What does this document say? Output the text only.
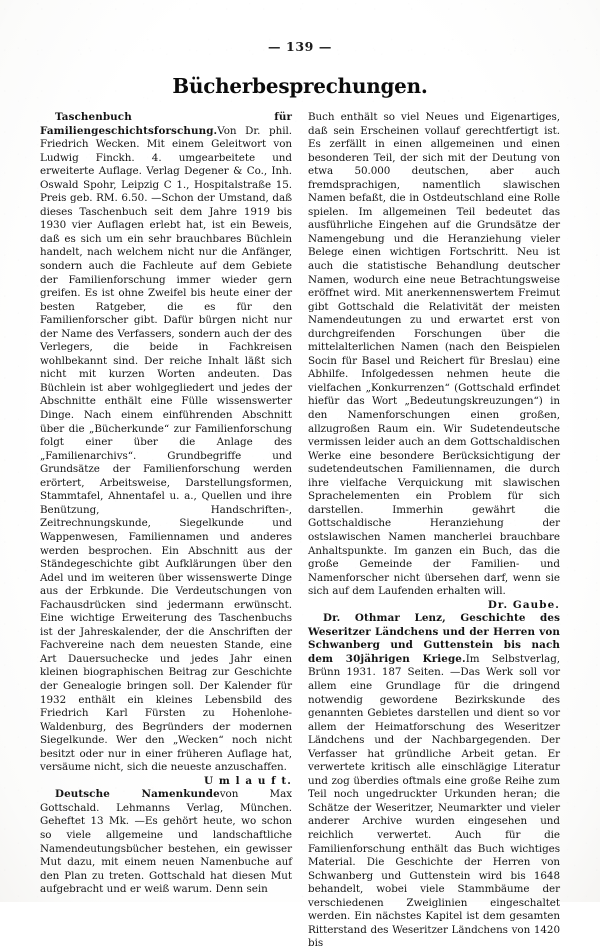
— 139 —
Bücherbesprechungen.

Taschenbuch für Familiengeschichtsforschung.Von Dr. phil. Friedrich Wecken. Mit einem Geleitwort von Ludwig Finckh. 4. umgearbeitete und erweiterte Auflage. Verlag Degener & Co., Inh. Oswald Spohr, Leipzig C 1., Hospitalstraße 15. Preis geb. RM. 6.50. —Schon der Umstand, daß dieses Taschenbuch seit dem Jahre 1919 bis 1930 vier Auflagen erlebt hat, ist ein Beweis, daß es sich um ein sehr brauchbares Büchlein handelt, nach welchem nicht nur die Anfänger, sondern auch die Fachleute auf dem Gebiete der Familienforschung immer wieder gern greifen. Es ist ohne Zweifel bis heute einer der besten Ratgeber, die es für den Familienforscher gibt. Dafür bürgen nicht nur der Name des Verfassers, sondern auch der des Verlegers, die beide in Fachkreisen wohlbekannt sind. Der reiche Inhalt läßt sich nicht mit kurzen Worten andeuten. Das Büchlein ist aber wohlgegliedert und jedes der Abschnitte enthält eine Fülle wissenswerter Dinge. Nach einem einführenden Abschnitt über die „Bücherkunde“ zur Familienforschung folgt einer über die Anlage des „Familienarchivs“. Grundbegriffe und Grundsätze der Familienforschung werden erörtert, Arbeitsweise, Darstellungsformen, Stammtafel, Ahnentafel u. a., Quellen und ihre Benützung, Handschriften-, Zeitrechnungskunde, Siegelkunde und Wappenwesen, Familiennamen und anderes werden besprochen. Ein Abschnitt aus der Ständegeschichte gibt Aufklärungen über den Adel und im weiteren über wissenswerte Dinge aus der Erbkunde. Die Verdeutschungen von Fachausdrücken sind jedermann erwünscht. Eine wichtige Erweiterung des Taschenbuchs ist der Jahreskalender, der die Anschriften der Fachvereine nach dem neuesten Stande, eine Art Dauersuchecke und jedes Jahr einen kleinen biographischen Beitrag zur Geschichte der Genealogie bringen soll. Der Kalender für 1932 enthält ein kleines Lebensbild des Friedrich Karl Fürsten zu Hohenlohe-Waldenburg, des Begründers der modernen Siegelkunde. Wer den „Wecken“ noch nicht besitzt oder nur in einer früheren Auflage hat, versäume nicht, sich die neueste anzuschaffen.

U m l a u f t.

Deutsche Namenkundevon Max Gottschald. Lehmanns Verlag, München. Geheftet 13 Mk. —Es gehört heute, wo schon so viele allgemeine und landschaftliche Namendeutungsbücher bestehen, ein gewisser Mut dazu, mit einem neuen Namenbuche auf den Plan zu treten. Gottschald hat diesen Mut aufgebracht und er weiß warum. Denn sein

Buch enthält so viel Neues und Eigenartiges, daß sein Erscheinen vollauf gerechtfertigt ist. Es zerfällt in einen allgemeinen und einen besonderen Teil, der sich mit der Deutung von etwa 50.000 deutschen, aber auch fremdsprachigen, namentlich slawischen Namen befaßt, die in Ostdeutschland eine Rolle spielen. Im allgemeinen Teil bedeutet das ausführliche Eingehen auf die Grundsätze der Namengebung und die Heranziehung vieler Belege einen wichtigen Fortschritt. Neu ist auch die statistische Behandlung deutscher Namen, wodurch eine neue Betrachtungsweise eröffnet wird. Mit anerkennenswertem Freimut gibt Gottschald die Relativität der meisten Namendeutungen zu und erwartet erst von durchgreifenden Forschungen über die mittelalterlichen Namen (nach den Beispielen Socin für Basel und Reichert für Breslau) eine Abhilfe. Infolgedessen nehmen heute die vielfachen „Konkurrenzen“ (Gottschald erfindet hiefür das Wort „Bedeutungskreuzungen“) in den Namenforschungen einen großen, allzugroßen Raum ein. Wir Sudetendeutsche vermissen leider auch an dem Gottschaldischen Werke eine besondere Berücksichtigung der sudetendeutschen Familiennamen, die durch ihre vielfache Verquickung mit slawischen Sprachelementen ein Problem für sich darstellen. Immerhin gewährt die Gottschaldische Heranziehung der ostslawischen Namen mancherlei brauchbare Anhaltspunkte. Im ganzen ein Buch, das die große Gemeinde der Familien- und Namenforscher nicht übersehen darf, wenn sie sich auf dem Laufenden erhalten will.

Dr. Gaube.

Dr. Othmar Lenz, Geschichte des Weseritzer Ländchens und der Herren von Schwanberg und Guttenstein bis nach dem 30jährigen Kriege.Im Selbstverlag, Brünn 1931. 187 Seiten. —Das Werk soll vor allem eine Grundlage für die dringend notwendig gewordene Bezirkskunde des genannten Gebietes darstellen und dient so vor allem der Heimatforschung des Weseritzer Ländchens und der Nachbargegenden. Der Verfasser hat gründliche Arbeit getan. Er verwertete kritisch alle einschlägige Literatur und zog überdies oftmals eine große Reihe zum Teil noch ungedruckter Urkunden heran; die Schätze der Weseritzer, Neumarkter und vieler anderer Archive wurden eingesehen und reichlich verwertet. Auch für die Familienforschung enthält das Buch wichtiges Material. Die Geschichte der Herren von Schwanberg und Guttenstein wird bis 1648 behandelt, wobei viele Stammbäume der verschiedenen Zweiglinien eingeschaltet werden. Ein nächstes Kapitel ist dem gesamten Ritterstand des Weseritzer Ländchens von 1420 bis
